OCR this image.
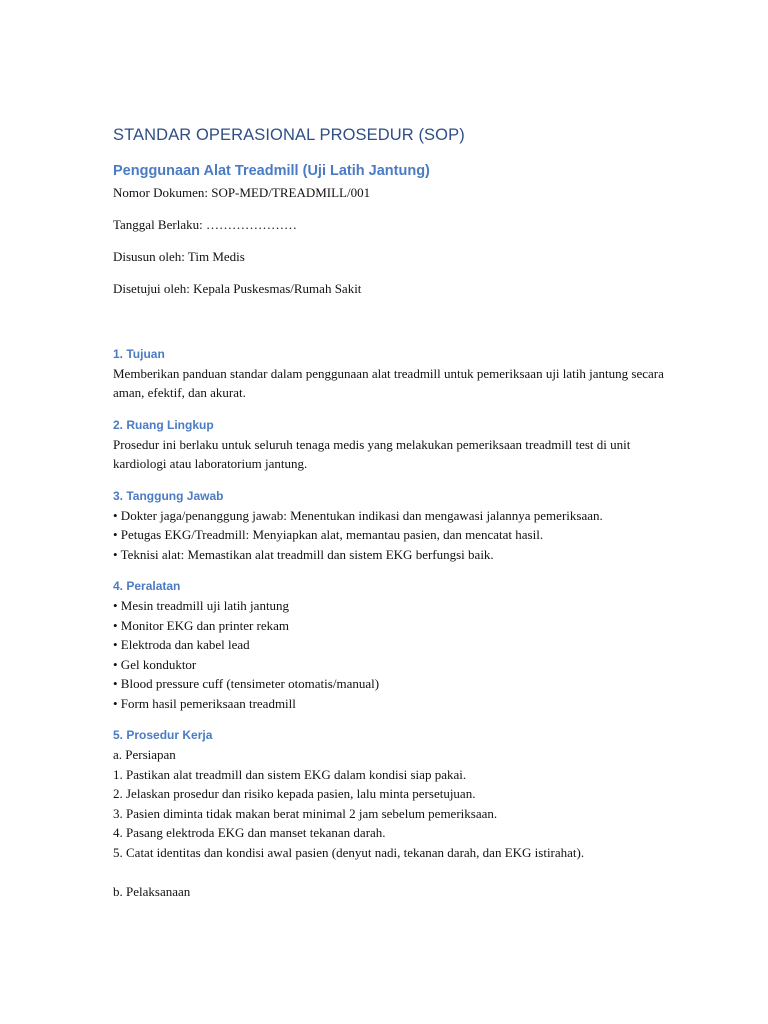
STANDAR OPERASIONAL PROSEDUR (SOP)
Penggunaan Alat Treadmill (Uji Latih Jantung)

Nomor Dokumen: SOP-MED/TREADMILL/001

Tanggal Berlaku: …………………

Disusun oleh: Tim Medis

Disetujui oleh: Kepala Puskesmas/Rumah Sakit

1. Tujuan

Memberikan panduan standar dalam penggunaan alat treadmill untuk pemeriksaan uji latih jantung secara aman, efektif, dan akurat.

2. Ruang Lingkup

Prosedur ini berlaku untuk seluruh tenaga medis yang melakukan pemeriksaan treadmill test di unit kardiologi atau laboratorium jantung.

3. Tanggung Jawab
• Dokter jaga/penanggung jawab: Menentukan indikasi dan mengawasi jalannya pemeriksaan.
• Petugas EKG/Treadmill: Menyiapkan alat, memantau pasien, dan mencatat hasil.
• Teknisi alat: Memastikan alat treadmill dan sistem EKG berfungsi baik.
4. Peralatan
• Mesin treadmill uji latih jantung
• Monitor EKG dan printer rekam
• Elektroda dan kabel lead
• Gel konduktor
• Blood pressure cuff (tensimeter otomatis/manual)
• Form hasil pemeriksaan treadmill
5. Prosedur Kerja

a. Persiapan

1. Pastikan alat treadmill dan sistem EKG dalam kondisi siap pakai.
2. Jelaskan prosedur dan risiko kepada pasien, lalu minta persetujuan.
3. Pasien diminta tidak makan berat minimal 2 jam sebelum pemeriksaan.
4. Pasang elektroda EKG dan manset tekanan darah.
5. Catat identitas dan kondisi awal pasien (denyut nadi, tekanan darah, dan EKG istirahat).

b. Pelaksanaan
